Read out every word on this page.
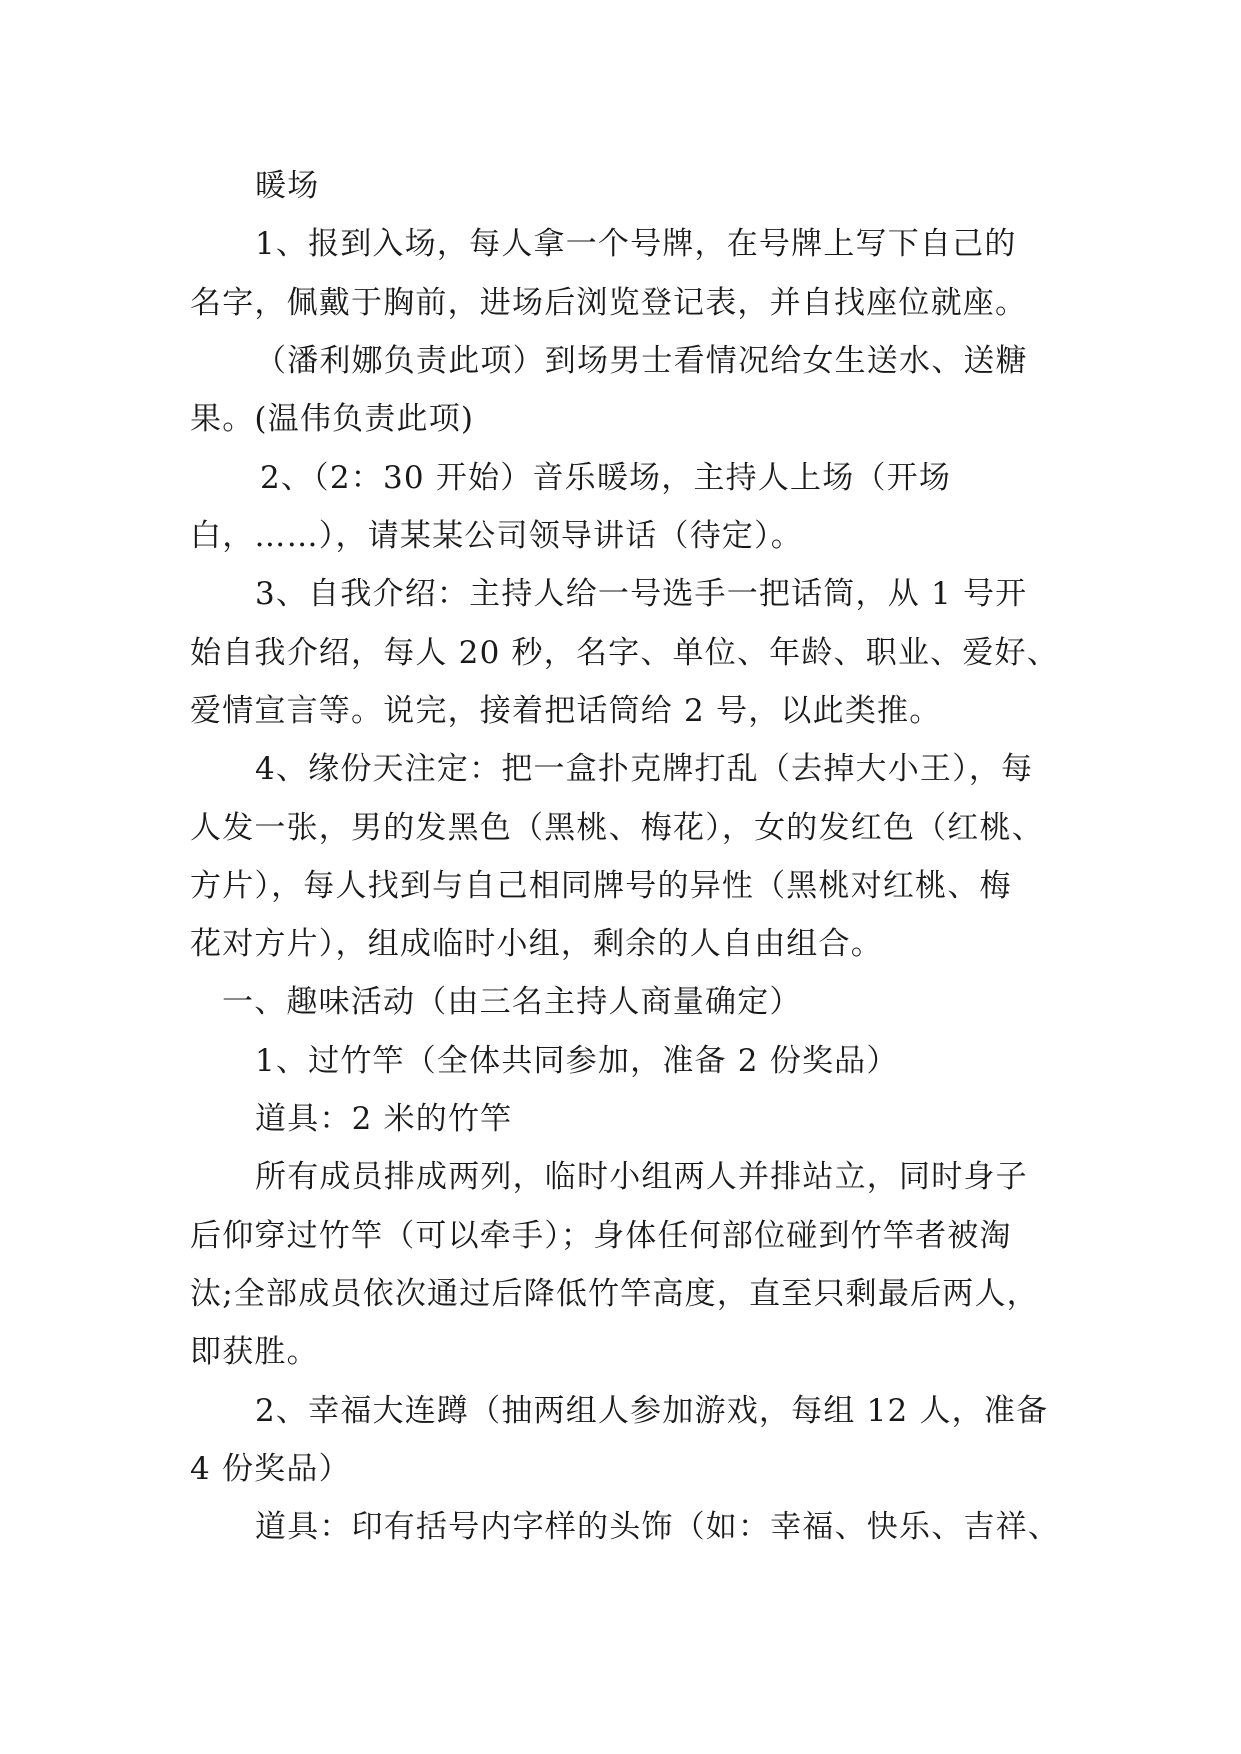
暖场
1、报到入场，每人拿一个号牌，在号牌上写下自己的
名字，佩戴于胸前，进场后浏览登记表，并自找座位就座。
（潘利娜负责此项）到场男士看情况给女生送水、送糖
果。(温伟负责此项)
2、（2：30 开始）音乐暖场，主持人上场（开场
白，……），请某某公司领导讲话（待定）。
3、自我介绍：主持人给一号选手一把话筒，从 1 号开
始自我介绍，每人 20 秒，名字、单位、年龄、职业、爱好、
爱情宣言等。说完，接着把话筒给 2 号，以此类推。
4、缘份天注定：把一盒扑克牌打乱（去掉大小王），每
人发一张，男的发黑色（黑桃、梅花），女的发红色（红桃、
方片），每人找到与自己相同牌号的异性（黑桃对红桃、梅
花对方片），组成临时小组，剩余的人自由组合。
一、趣味活动（由三名主持人商量确定）
1、过竹竿（全体共同参加，准备 2 份奖品）
道具：2 米的竹竿
所有成员排成两列，临时小组两人并排站立，同时身子
后仰穿过竹竿（可以牵手）；身体任何部位碰到竹竿者被淘
汰;全部成员依次通过后降低竹竿高度，直至只剩最后两人，
即获胜。
2、幸福大连蹲（抽两组人参加游戏，每组 12 人，准备
4 份奖品）
道具：印有括号内字样的头饰（如：幸福、快乐、吉祥、
